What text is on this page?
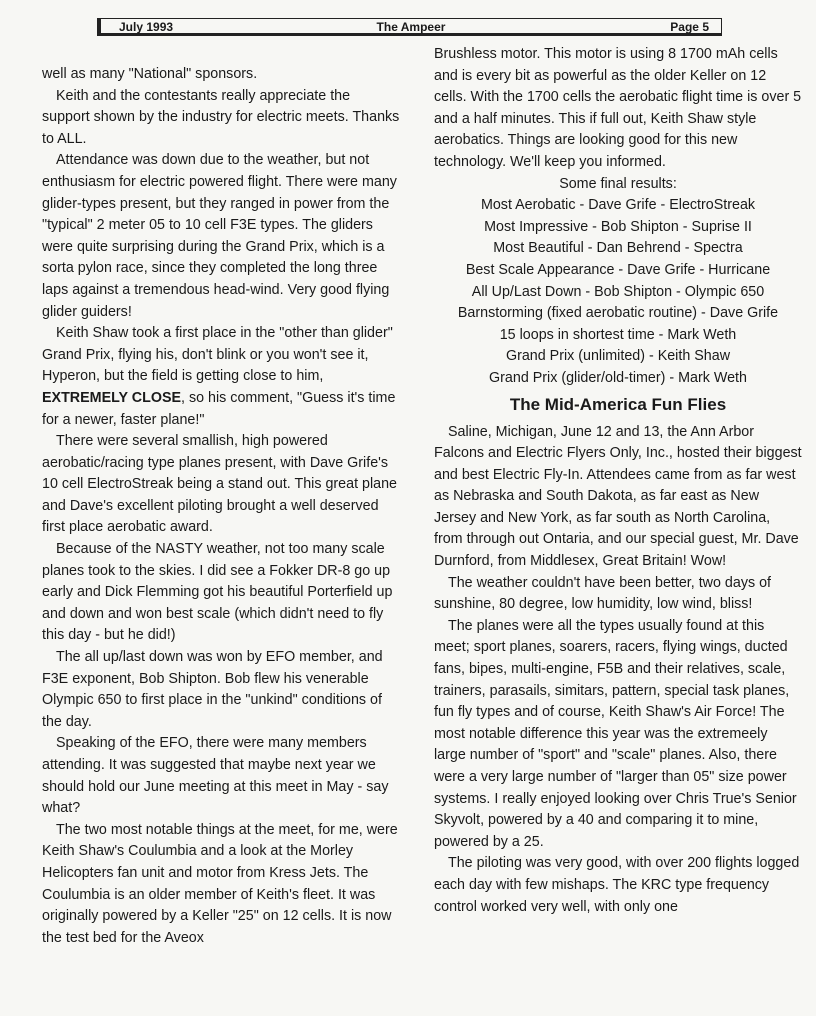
July 1993	The Ampeer	Page 5

well as many "National" sponsors.

Keith and the contestants really appreciate the support shown by the industry for electric meets. Thanks to ALL.

Attendance was down due to the weather, but not enthusiasm for electric powered flight. There were many glider-types present, but they ranged in power from the "typical" 2 meter 05 to 10 cell F3E types. The gliders were quite surprising during the Grand Prix, which is a sorta pylon race, since they completed the long three laps against a tremendous head-wind. Very good flying glider guiders!

Keith Shaw took a first place in the "other than glider" Grand Prix, flying his, don't blink or you won't see it, Hyperon, but the field is getting close to him, EXTREMELY CLOSE, so his comment, "Guess it's time for a newer, faster plane!"

There were several smallish, high powered aerobatic/racing type planes present, with Dave Grife's 10 cell ElectroStreak being a stand out. This great plane and Dave's excellent piloting brought a well deserved first place aerobatic award.

Because of the NASTY weather, not too many scale planes took to the skies. I did see a Fokker DR-8 go up early and Dick Flemming got his beautiful Porterfield up and down and won best scale (which didn't need to fly this day - but he did!)

The all up/last down was won by EFO member, and F3E exponent, Bob Shipton. Bob flew his venerable Olympic 650 to first place in the "unkind" conditions of the day.

Speaking of the EFO, there were many members attending. It was suggested that maybe next year we should hold our June meeting at this meet in May - say what?

The two most notable things at the meet, for me, were Keith Shaw's Coulumbia and a look at the Morley Helicopters fan unit and motor from Kress Jets. The Coulumbia is an older member of Keith's fleet. It was originally powered by a Keller "25" on 12 cells. It is now the test bed for the Aveox

Brushless motor. This motor is using 8 1700 mAh cells and is every bit as powerful as the older Keller on 12 cells. With the 1700 cells the aerobatic flight time is over 5 and a half minutes. This if full out, Keith Shaw style aerobatics. Things are looking good for this new technology. We'll keep you informed.

Some final results:
Most Aerobatic - Dave Grife - ElectroStreak
Most Impressive - Bob Shipton - Suprise II
Most Beautiful - Dan Behrend - Spectra
Best Scale Appearance - Dave Grife - Hurricane
All Up/Last Down - Bob Shipton - Olympic 650
Barnstorming (fixed aerobatic routine) - Dave Grife
15 loops in shortest time - Mark Weth
Grand Prix (unlimited) - Keith Shaw
Grand Prix (glider/old-timer) - Mark Weth
The Mid-America Fun Flies

Saline, Michigan, June 12 and 13, the Ann Arbor Falcons and Electric Flyers Only, Inc., hosted their biggest and best Electric Fly-In. Attendees came from as far west as Nebraska and South Dakota, as far east as New Jersey and New York, as far south as North Carolina, from through out Ontaria, and our special guest, Mr. Dave Durnford, from Middlesex, Great Britain! Wow!

The weather couldn't have been better, two days of sunshine, 80 degree, low humidity, low wind, bliss!

The planes were all the types usually found at this meet; sport planes, soarers, racers, flying wings, ducted fans, bipes, multi-engine, F5B and their relatives, scale, trainers, parasails, simitars, pattern, special task planes, fun fly types and of course, Keith Shaw's Air Force! The most notable difference this year was the extremeely large number of "sport" and "scale" planes. Also, there were a very large number of "larger than 05" size power systems. I really enjoyed looking over Chris True's Senior Skyvolt, powered by a 40 and comparing it to mine, powered by a 25.

The piloting was very good, with over 200 flights logged each day with few mishaps. The KRC type frequency control worked very well, with only one
